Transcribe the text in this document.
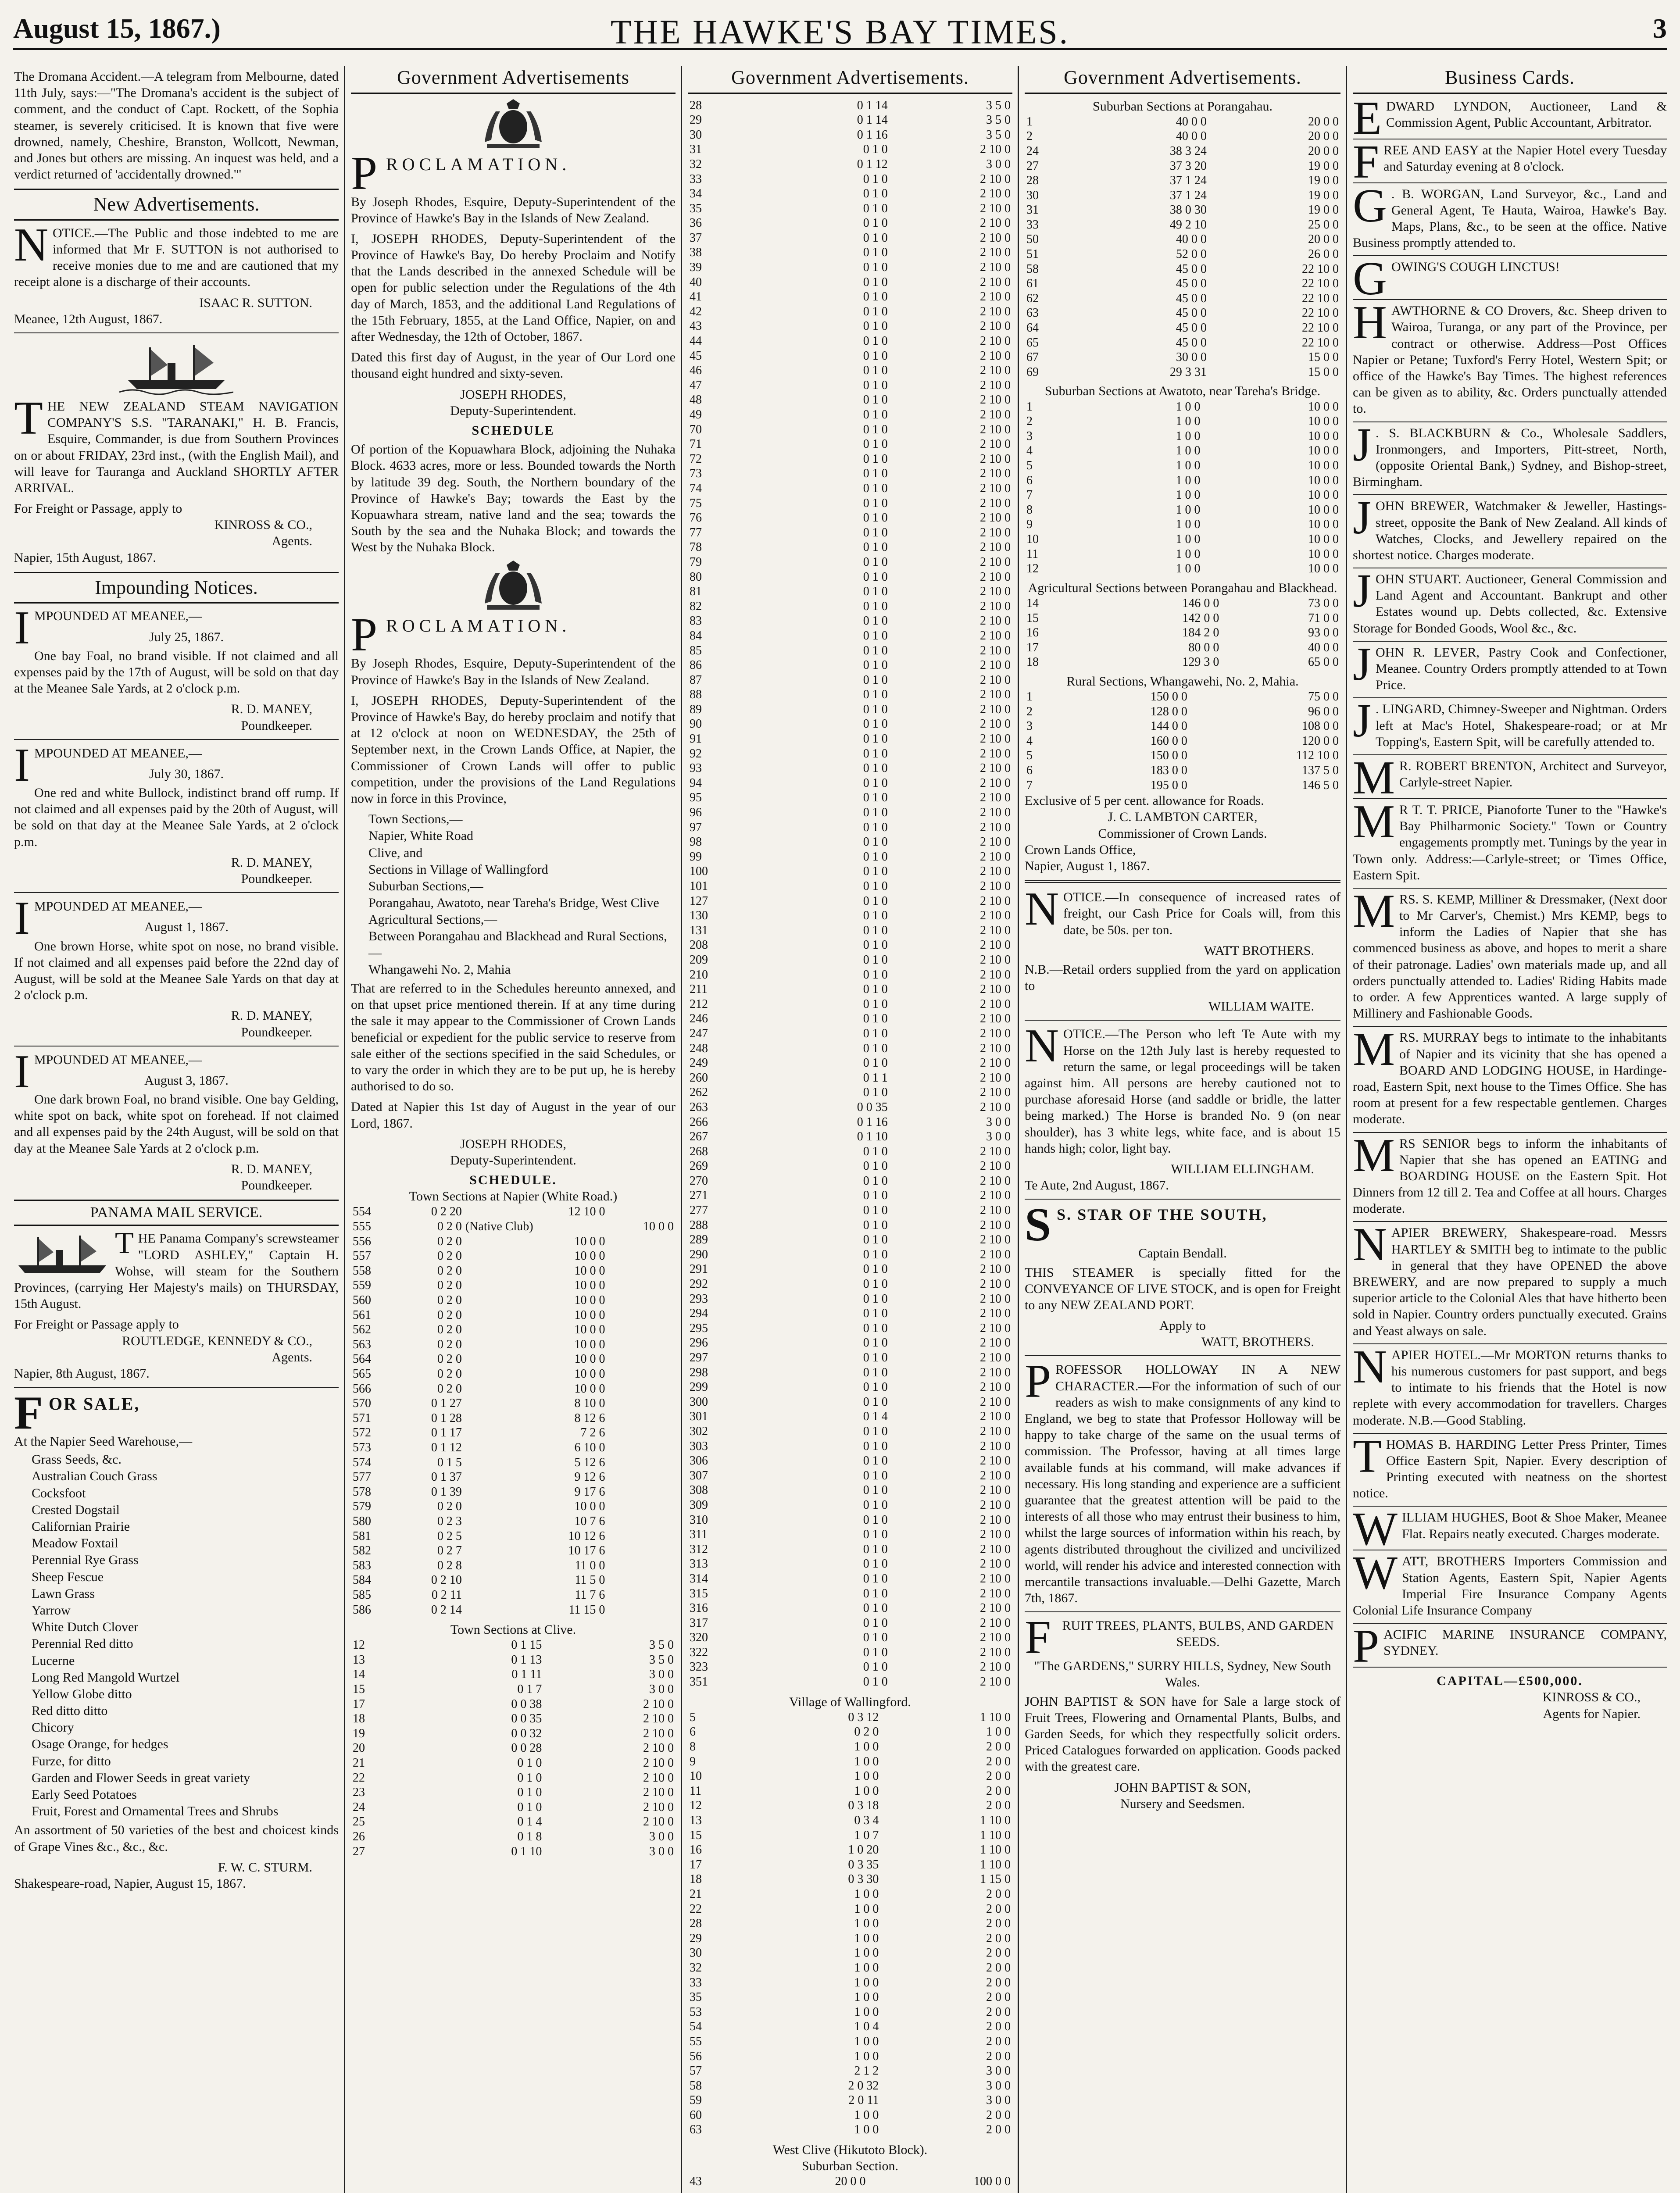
August 15, 1867.)	THE HAWKE'S BAY TIMES.	3
The Dromana Accident.—A telegram from Melbourne, dated 11th July, says:—"The Dromana's accident is the subject of comment, and the conduct of Capt. Rockett, of the Sophia steamer, is severely criticised. It is known that five were drowned, namely, Cheshire, Branston, Wollcott, Newman, and Jones but others are missing. An inquest was held, and a verdict returned of 'accidentally drowned.'"
New Advertisements.
NOTICE.—The Public and those indebted to me are informed that Mr F. SUTTON is not authorised to receive monies due to me and are cautioned that my receipt alone is a discharge of their accounts.
ISAAC R. SUTTON.
Meanee, 12th August, 1867.
THE NEW ZEALAND STEAM NAVIGATION COMPANY'S S.S. "TARANAKI," H. B. Francis, Esquire, Commander, is due from Southern Provinces on or about FRIDAY, 23rd inst., (with the English Mail), and will leave for Tauranga and Auckland SHORTLY AFTER ARRIVAL.
For Freight or Passage, apply to
KINROSS & CO.,
Agents.
Napier, 15th August, 1867.
Impounding Notices.
IMPOUNDED AT MEANEE,—
July 25, 1867.
One bay Foal, no brand visible. If not claimed and all expenses paid by the 17th of August, will be sold on that day at the Meanee Sale Yards, at 2 o'clock p.m.
R. D. MANEY,
Poundkeeper.
IMPOUNDED AT MEANEE,—
July 30, 1867.
One red and white Bullock, indistinct brand off rump. If not claimed and all expenses paid by the 20th of August, will be sold on that day at the Meanee Sale Yards, at 2 o'clock p.m.
R. D. MANEY,
Poundkeeper.
IMPOUNDED AT MEANEE,—
August 1, 1867.
One brown Horse, white spot on nose, no brand visible. If not claimed and all expenses paid before the 22nd day of August, will be sold at the Meanee Sale Yards on that day at 2 o'clock p.m.
R. D. MANEY,
Poundkeeper.
IMPOUNDED AT MEANEE,—
August 3, 1867.
One dark brown Foal, no brand visible. One bay Gelding, white spot on back, white spot on forehead. If not claimed and all expenses paid by the 24th August, will be sold on that day at the Meanee Sale Yards at 2 o'clock p.m.
R. D. MANEY,
Poundkeeper.
PANAMA MAIL SERVICE.
THE Panama Company's screwsteamer "LORD ASHLEY," Captain H. Wohse, will steam for the Southern Provinces, (carrying Her Majesty's mails) on THURSDAY, 15th August.
For Freight or Passage apply to
ROUTLEDGE, KENNEDY & CO.,
Agents.
Napier, 8th August, 1867.
FOR SALE,
At the Napier Seed Warehouse,—
Grass Seeds, &c.
Australian Couch Grass
Cocksfoot
Crested Dogstail
Californian Prairie
Meadow Foxtail
Perennial Rye Grass
Sheep Fescue
Lawn Grass
Yarrow
White Dutch Clover
Perennial Red ditto
Lucerne
Long Red Mangold Wurtzel
Yellow Globe ditto
Red ditto ditto
Chicory
Osage Orange, for hedges
Furze, for ditto
Garden and Flower Seeds in great variety
Early Seed Potatoes
Fruit, Forest and Ornamental Trees and Shrubs
An assortment of 50 varieties of the best and choicest kinds of Grape Vines &c., &c., &c.
F. W. C. STURM.
Shakespeare-road, Napier, August 15, 1867.
Government Advertisements
PROCLAMATION.
By Joseph Rhodes, Esquire, Deputy-Superintendent of the Province of Hawke's Bay in the Islands of New Zealand.
I, JOSEPH RHODES, Deputy-Superintendent of the Province of Hawke's Bay, Do hereby Proclaim and Notify that the Lands described in the annexed Schedule will be open for public selection under the Regulations of the 4th day of March, 1853, and the additional Land Regulations of the 15th February, 1855, at the Land Office, Napier, on and after Wednesday, the 12th of October, 1867.
Dated this first day of August, in the year of Our Lord one thousand eight hundred and sixty-seven.
JOSEPH RHODES,
Deputy-Superintendent.
SCHEDULE
Of portion of the Kopuawhara Block, adjoining the Nuhaka Block. 4633 acres, more or less. Bounded towards the North by latitude 39 deg. South, the Northern boundary of the Province of Hawke's Bay; towards the East by the Kopuawhara stream, native land and the sea; towards the South by the sea and the Nuhaka Block; and towards the West by the Nuhaka Block.
PROCLAMATION.
By Joseph Rhodes, Esquire, Deputy-Superintendent of the Province of Hawke's Bay in the Islands of New Zealand.
I, JOSEPH RHODES, Deputy-Superintendent of the Province of Hawke's Bay, do hereby proclaim and notify that at 12 o'clock at noon on WEDNESDAY, the 25th of September next, in the Crown Lands Office, at Napier, the Commissioner of Crown Lands will offer to public competition, under the provisions of the Land Regulations now in force in this Province,
Town Sections,—
Napier, White Road
Clive, and
Sections in Village of Wallingford
Suburban Sections,—
Porangahau, Awatoto, near Tareha's Bridge, West Clive
Agricultural Sections,—
Between Porangahau and Blackhead and Rural Sections,—
Whangawehi No. 2, Mahia
That are referred to in the Schedules hereunto annexed, and on that upset price mentioned therein. If at any time during the sale it may appear to the Commissioner of Crown Lands beneficial or expedient for the public service to reserve from sale either of the sections specified in the said Schedules, or to vary the order in which they are to be put up, he is hereby authorised to do so.
Dated at Napier this 1st day of August in the year of our Lord, 1867.
JOSEPH RHODES,
Deputy-Superintendent.
SCHEDULE.
Town Sections at Napier (White Road.)
554	0 2 20	12 10 0	
555	0 2 0	(Native Club)	10 0 0
556	0 2 0	10 0 0	
557	0 2 0	10 0 0	
558	0 2 0	10 0 0	
559	0 2 0	10 0 0	
560	0 2 0	10 0 0	
561	0 2 0	10 0 0	
562	0 2 0	10 0 0	
563	0 2 0	10 0 0	
564	0 2 0	10 0 0	
565	0 2 0	10 0 0	
566	0 2 0	10 0 0	
570	0 1 27	8 10 0	
571	0 1 28	8 12 6	
572	0 1 17	7 2 6	
573	0 1 12	6 10 0	
574	0 1 5	5 12 6	
577	0 1 37	9 12 6	
578	0 1 39	9 17 6	
579	0 2 0	10 0 0	
580	0 2 3	10 7 6	
581	0 2 5	10 12 6	
582	0 2 7	10 17 6	
583	0 2 8	11 0 0	
584	0 2 10	11 5 0	
585	0 2 11	11 7 6	
586	0 2 14	11 15 0	
Town Sections at Clive.
12	0 1 15	3 5 0
13	0 1 13	3 5 0
14	0 1 11	3 0 0
15	0 1 7	3 0 0
17	0 0 38	2 10 0
18	0 0 35	2 10 0
19	0 0 32	2 10 0
20	0 0 28	2 10 0
21	0 1 0	2 10 0
22	0 1 0	2 10 0
23	0 1 0	2 10 0
24	0 1 0	2 10 0
25	0 1 4	2 10 0
26	0 1 8	3 0 0
27	0 1 10	3 0 0
Government Advertisements.
28	0 1 14	3 5 0
29	0 1 14	3 5 0
30	0 1 16	3 5 0
31	0 1 0	2 10 0
32	0 1 12	3 0 0
33	0 1 0	2 10 0
34	0 1 0	2 10 0
35	0 1 0	2 10 0
36	0 1 0	2 10 0
37	0 1 0	2 10 0
38	0 1 0	2 10 0
39	0 1 0	2 10 0
40	0 1 0	2 10 0
41	0 1 0	2 10 0
42	0 1 0	2 10 0
43	0 1 0	2 10 0
44	0 1 0	2 10 0
45	0 1 0	2 10 0
46	0 1 0	2 10 0
47	0 1 0	2 10 0
48	0 1 0	2 10 0
49	0 1 0	2 10 0
70	0 1 0	2 10 0
71	0 1 0	2 10 0
72	0 1 0	2 10 0
73	0 1 0	2 10 0
74	0 1 0	2 10 0
75	0 1 0	2 10 0
76	0 1 0	2 10 0
77	0 1 0	2 10 0
78	0 1 0	2 10 0
79	0 1 0	2 10 0
80	0 1 0	2 10 0
81	0 1 0	2 10 0
82	0 1 0	2 10 0
83	0 1 0	2 10 0
84	0 1 0	2 10 0
85	0 1 0	2 10 0
86	0 1 0	2 10 0
87	0 1 0	2 10 0
88	0 1 0	2 10 0
89	0 1 0	2 10 0
90	0 1 0	2 10 0
91	0 1 0	2 10 0
92	0 1 0	2 10 0
93	0 1 0	2 10 0
94	0 1 0	2 10 0
95	0 1 0	2 10 0
96	0 1 0	2 10 0
97	0 1 0	2 10 0
98	0 1 0	2 10 0
99	0 1 0	2 10 0
100	0 1 0	2 10 0
101	0 1 0	2 10 0
127	0 1 0	2 10 0
130	0 1 0	2 10 0
131	0 1 0	2 10 0
208	0 1 0	2 10 0
209	0 1 0	2 10 0
210	0 1 0	2 10 0
211	0 1 0	2 10 0
212	0 1 0	2 10 0
246	0 1 0	2 10 0
247	0 1 0	2 10 0
248	0 1 0	2 10 0
249	0 1 0	2 10 0
260	0 1 1	2 10 0
262	0 1 0	2 10 0
263	0 0 35	2 10 0
266	0 1 16	3 0 0
267	0 1 10	3 0 0
268	0 1 0	2 10 0
269	0 1 0	2 10 0
270	0 1 0	2 10 0
271	0 1 0	2 10 0
277	0 1 0	2 10 0
288	0 1 0	2 10 0
289	0 1 0	2 10 0
290	0 1 0	2 10 0
291	0 1 0	2 10 0
292	0 1 0	2 10 0
293	0 1 0	2 10 0
294	0 1 0	2 10 0
295	0 1 0	2 10 0
296	0 1 0	2 10 0
297	0 1 0	2 10 0
298	0 1 0	2 10 0
299	0 1 0	2 10 0
300	0 1 0	2 10 0
301	0 1 4	2 10 0
302	0 1 0	2 10 0
303	0 1 0	2 10 0
306	0 1 0	2 10 0
307	0 1 0	2 10 0
308	0 1 0	2 10 0
309	0 1 0	2 10 0
310	0 1 0	2 10 0
311	0 1 0	2 10 0
312	0 1 0	2 10 0
313	0 1 0	2 10 0
314	0 1 0	2 10 0
315	0 1 0	2 10 0
316	0 1 0	2 10 0
317	0 1 0	2 10 0
320	0 1 0	2 10 0
322	0 1 0	2 10 0
323	0 1 0	2 10 0
351	0 1 0	2 10 0
Village of Wallingford.
5	0 3 12	1 10 0
6	0 2 0	1 0 0
8	1 0 0	2 0 0
9	1 0 0	2 0 0
10	1 0 0	2 0 0
11	1 0 0	2 0 0
12	0 3 18	2 0 0
13	0 3 4	1 10 0
15	1 0 7	1 10 0
16	1 0 20	1 10 0
17	0 3 35	1 10 0
18	0 3 30	1 15 0
21	1 0 0	2 0 0
22	1 0 0	2 0 0
28	1 0 0	2 0 0
29	1 0 0	2 0 0
30	1 0 0	2 0 0
32	1 0 0	2 0 0
33	1 0 0	2 0 0
35	1 0 0	2 0 0
53	1 0 0	2 0 0
54	1 0 4	2 0 0
55	1 0 0	2 0 0
56	1 0 0	2 0 0
57	2 1 2	3 0 0
58	2 0 32	3 0 0
59	2 0 11	3 0 0
60	1 0 0	2 0 0
63	1 0 0	2 0 0
West Clive (Hikutoto Block).
Suburban Section.
43	20 0 0	100 0 0
Government Advertisements.
Suburban Sections at Porangahau.
1	40 0 0	20 0 0
2	40 0 0	20 0 0
24	38 3 24	20 0 0
27	37 3 20	19 0 0
28	37 1 24	19 0 0
30	37 1 24	19 0 0
31	38 0 30	19 0 0
33	49 2 10	25 0 0
50	40 0 0	20 0 0
51	52 0 0	26 0 0
58	45 0 0	22 10 0
61	45 0 0	22 10 0
62	45 0 0	22 10 0
63	45 0 0	22 10 0
64	45 0 0	22 10 0
65	45 0 0	22 10 0
67	30 0 0	15 0 0
69	29 3 31	15 0 0
Suburban Sections at Awatoto, near Tareha's Bridge.
1	1 0 0	10 0 0
2	1 0 0	10 0 0
3	1 0 0	10 0 0
4	1 0 0	10 0 0
5	1 0 0	10 0 0
6	1 0 0	10 0 0
7	1 0 0	10 0 0
8	1 0 0	10 0 0
9	1 0 0	10 0 0
10	1 0 0	10 0 0
11	1 0 0	10 0 0
12	1 0 0	10 0 0
Agricultural Sections between Porangahau and Blackhead.
14	146 0 0	73 0 0
15	142 0 0	71 0 0
16	184 2 0	93 0 0
17	80 0 0	40 0 0
18	129 3 0	65 0 0
Rural Sections, Whangawehi, No. 2, Mahia.
1	150 0 0	75 0 0
2	128 0 0	96 0 0
3	144 0 0	108 0 0
4	160 0 0	120 0 0
5	150 0 0	112 10 0
6	183 0 0	137 5 0
7	195 0 0	146 5 0
Exclusive of 5 per cent. allowance for Roads.
J. C. LAMBTON CARTER,
Commissioner of Crown Lands.
Crown Lands Office,
Napier, August 1, 1867.
NOTICE.—In consequence of increased rates of freight, our Cash Price for Coals will, from this date, be 50s. per ton.
WATT BROTHERS.
N.B.—Retail orders supplied from the yard on application to
WILLIAM WAITE.
NOTICE.—The Person who left Te Aute with my Horse on the 12th July last is hereby requested to return the same, or legal proceedings will be taken against him. All persons are hereby cautioned not to purchase aforesaid Horse (and saddle or bridle, the latter being marked.) The Horse is branded No. 9 (on near shoulder), has 3 white legs, white face, and is about 15 hands high; color, light bay.
WILLIAM ELLINGHAM.
Te Aute, 2nd August, 1867.
S S. STAR OF THE SOUTH,
Captain Bendall.
THIS STEAMER is specially fitted for the CONVEYANCE OF LIVE STOCK, and is open for Freight to any NEW ZEALAND PORT.
Apply to
WATT, BROTHERS.
PROFESSOR HOLLOWAY IN A NEW CHARACTER.—For the information of such of our readers as wish to make consignments of any kind to England, we beg to state that Professor Holloway will be happy to take charge of the same on the usual terms of commission. The Professor, having at all times large available funds at his command, will make advances if necessary. His long standing and experience are a sufficient guarantee that the greatest attention will be paid to the interests of all those who may entrust their business to him, whilst the large sources of information within his reach, by agents distributed throughout the civilized and uncivilized world, will render his advice and interested connection with mercantile transactions invaluable.—Delhi Gazette, March 7th, 1867.
FRUIT TREES, PLANTS, BULBS, AND GARDEN SEEDS.
"The GARDENS," SURRY HILLS, Sydney, New South Wales.
JOHN BAPTIST & SON have for Sale a large stock of Fruit Trees, Flowering and Ornamental Plants, Bulbs, and Garden Seeds, for which they respectfully solicit orders. Priced Catalogues forwarded on application. Goods packed with the greatest care.
JOHN BAPTIST & SON,
Nursery and Seedsmen.
Business Cards.
EDWARD LYNDON, Auctioneer, Land & Commission Agent, Public Accountant, Arbitrator.
FREE AND EASY at the Napier Hotel every Tuesday and Saturday evening at 8 o'clock.
G . B. WORGAN, Land Surveyor, &c., Land and General Agent, Te Hauta, Wairoa, Hawke's Bay. Maps, Plans, &c., to be seen at the office. Native Business promptly attended to.
GOWING'S COUGH LINCTUS!
HAWTHORNE & CO Drovers, &c. Sheep driven to Wairoa, Turanga, or any part of the Province, per contract or otherwise. Address—Post Offices Napier or Petane; Tuxford's Ferry Hotel, Western Spit; or office of the Hawke's Bay Times. The highest references can be given as to ability, &c. Orders punctually attended to.
J . S. BLACKBURN & Co., Wholesale Saddlers, Ironmongers, and Importers, Pitt-street, North, (opposite Oriental Bank,) Sydney, and Bishop-street, Birmingham.
JOHN BREWER, Watchmaker & Jeweller, Hastings-street, opposite the Bank of New Zealand. All kinds of Watches, Clocks, and Jewellery repaired on the shortest notice. Charges moderate.
JOHN STUART. Auctioneer, General Commission and Land Agent and Accountant. Bankrupt and other Estates wound up. Debts collected, &c. Extensive Storage for Bonded Goods, Wool &c., &c.
JOHN R. LEVER, Pastry Cook and Confectioner, Meanee. Country Orders promptly attended to at Town Price.
J . LINGARD, Chimney-Sweeper and Nightman. Orders left at Mac's Hotel, Shakespeare-road; or at Mr Topping's, Eastern Spit, will be carefully attended to.
M R. ROBERT BRENTON, Architect and Surveyor, Carlyle-street Napier.
M R T. T. PRICE, Pianoforte Tuner to the "Hawke's Bay Philharmonic Society." Town or Country engagements promptly met. Tunings by the year in Town only. Address:—Carlyle-street; or Times Office, Eastern Spit.
MRS. S. KEMP, Milliner & Dressmaker, (Next door to Mr Carver's, Chemist.) Mrs KEMP, begs to inform the Ladies of Napier that she has commenced business as above, and hopes to merit a share of their patronage. Ladies' own materials made up, and all orders punctually attended to. Ladies' Riding Habits made to order. A few Apprentices wanted. A large supply of Millinery and Fashionable Goods.
MRS. MURRAY begs to intimate to the inhabitants of Napier and its vicinity that she has opened a BOARD AND LODGING HOUSE, in Hardinge-road, Eastern Spit, next house to the Times Office. She has room at present for a few respectable gentlemen. Charges moderate.
MRS SENIOR begs to inform the inhabitants of Napier that she has opened an EATING and BOARDING HOUSE on the Eastern Spit. Hot Dinners from 12 till 2. Tea and Coffee at all hours. Charges moderate.
NAPIER BREWERY, Shakespeare-road. Messrs HARTLEY & SMITH beg to intimate to the public in general that they have OPENED the above BREWERY, and are now prepared to supply a much superior article to the Colonial Ales that have hitherto been sold in Napier. Country orders punctually executed. Grains and Yeast always on sale.
NAPIER HOTEL.—Mr MORTON returns thanks to his numerous customers for past support, and begs to intimate to his friends that the Hotel is now replete with every accommodation for travellers. Charges moderate. N.B.—Good Stabling.
THOMAS B. HARDING Letter Press Printer, Times Office Eastern Spit, Napier. Every description of Printing executed with neatness on the shortest notice.
WILLIAM HUGHES, Boot & Shoe Maker, Meanee Flat. Repairs neatly executed. Charges moderate.
WATT, BROTHERS Importers Commission and Station Agents, Eastern Spit, Napier Agents Imperial Fire Insurance Company Agents Colonial Life Insurance Company
PACIFIC MARINE INSURANCE COMPANY, SYDNEY.
CAPITAL—£500,000.
KINROSS & CO.,
Agents for Napier.
